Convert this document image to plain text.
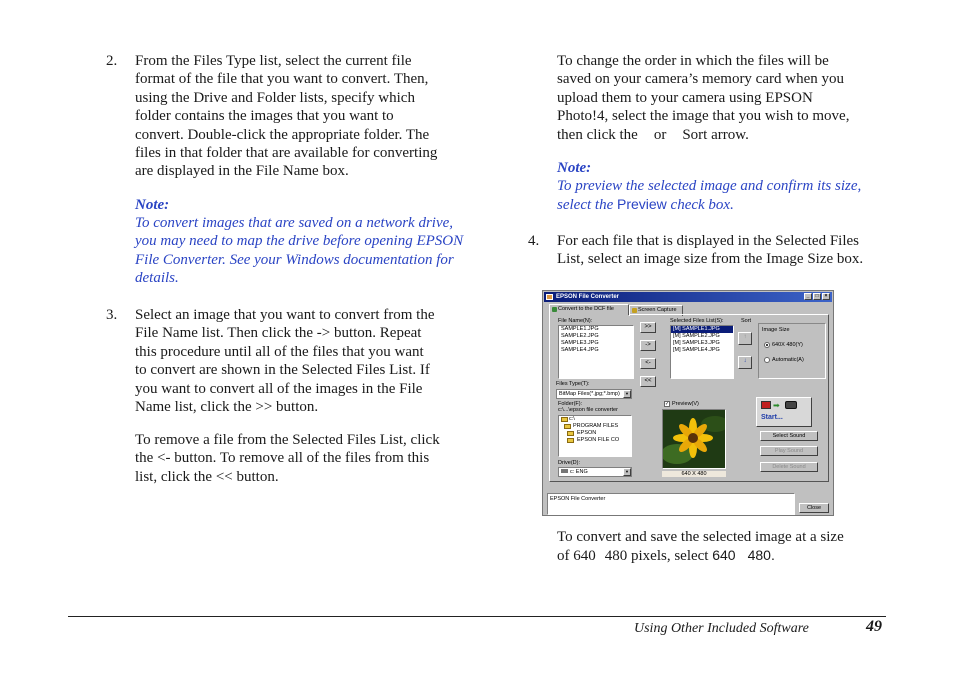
2. From the Files Type list, select the current file
format of the file that you want to convert. Then,
using the Drive and Folder lists, specify which
folder contains the images that you want to
convert. Double-click the appropriate folder. The
files in that folder that are available for converting
are displayed in the File Name box.
Note:
To convert images that are saved on a network drive,
you may need to map the drive before opening EPSON
File Converter. See your Windows documentation for
details.
3. Select an image that you want to convert from the
File Name list. Then click the -> button. Repeat
this procedure until all of the files that you want
to convert are shown in the Selected Files List. If
you want to convert all of the images in the File
Name list, click the >> button.
To remove a file from the Selected Files List, click
the <- button. To remove all of the files from this
list, click the << button.
To change the order in which the files will be
saved on your camera’s memory card when you
upload them to your camera using EPSON
Photo!4, select the image that you wish to move,
then click the or Sort arrow.
Note:
To preview the selected image and confirm its size,
select the Preview check box.
4. For each file that is displayed in the Selected Files
List, select an image size from the Image Size box.
EPSON File Converter	_	□	×
Convert to the DCF file	Screen Capture
File Name(N):
SAMPLE1.JPG
SAMPLE2.JPG
SAMPLE3.JPG
SAMPLE4.JPG
>>
->
<-
<<
Selected Files List(S):
[M] SAMPLE1.JPG
[M] SAMPLE2.JPG
[M] SAMPLE3.JPG
[M] SAMPLE4.JPG
Sort
↑
↓
Image Size
640X 480(Y)
Automatic(A)
Files Type(T):
BitMap Files(*.jpg;*.bmp)	▼
Folder(F):
c:\...\epson file converter
c:\
PROGRAM FILES
EPSON
EPSON FILE CO
Drive(D):
c: ENG	▼
✓ Preview(V)
640 X 480
➡
Start...
Select Sound
Play Sound
Delete Sound
EPSON File Converter
Close
To convert and save the selected image at a size
of 640 480 pixels, select 640 480.
Using Other Included Software	49
